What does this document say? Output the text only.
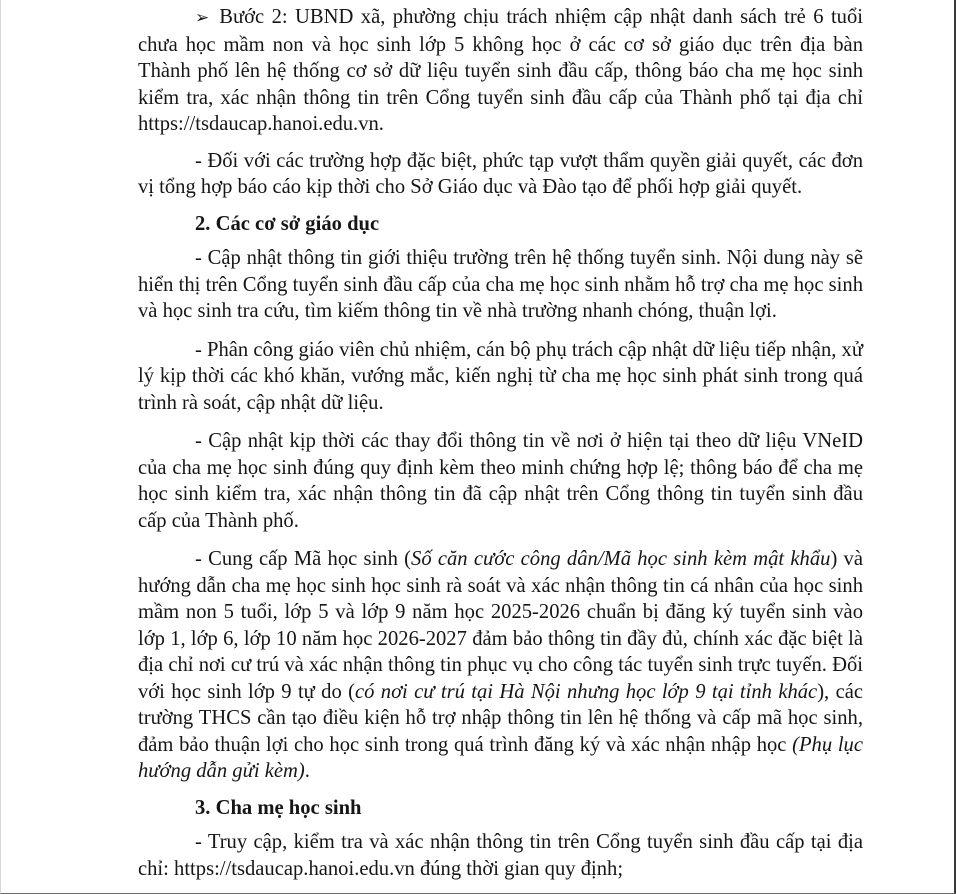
➢ Bước 2: UBND xã, phường chịu trách nhiệm cập nhật danh sách trẻ 6 tuổi chưa học mầm non và học sinh lớp 5 không học ở các cơ sở giáo dục trên địa bàn Thành phố lên hệ thống cơ sở dữ liệu tuyển sinh đầu cấp, thông báo cha mẹ học sinh kiểm tra, xác nhận thông tin trên Cổng tuyển sinh đầu cấp của Thành phố tại địa chỉ https://tsdaucap.hanoi.edu.vn.

- Đối với các trường hợp đặc biệt, phức tạp vượt thẩm quyền giải quyết, các đơn vị tổng hợp báo cáo kịp thời cho Sở Giáo dục và Đào tạo để phối hợp giải quyết.

2. Các cơ sở giáo dục

- Cập nhật thông tin giới thiệu trường trên hệ thống tuyển sinh. Nội dung này sẽ hiển thị trên Cổng tuyển sinh đầu cấp của cha mẹ học sinh nhằm hỗ trợ cha mẹ học sinh và học sinh tra cứu, tìm kiếm thông tin về nhà trường nhanh chóng, thuận lợi.

- Phân công giáo viên chủ nhiệm, cán bộ phụ trách cập nhật dữ liệu tiếp nhận, xử lý kịp thời các khó khăn, vướng mắc, kiến nghị từ cha mẹ học sinh phát sinh trong quá trình rà soát, cập nhật dữ liệu.

- Cập nhật kịp thời các thay đổi thông tin về nơi ở hiện tại theo dữ liệu VNeID của cha mẹ học sinh đúng quy định kèm theo minh chứng hợp lệ; thông báo để cha mẹ học sinh kiểm tra, xác nhận thông tin đã cập nhật trên Cổng thông tin tuyển sinh đầu cấp của Thành phố.

- Cung cấp Mã học sinh (Số căn cước công dân/Mã học sinh kèm mật khẩu) và hướng dẫn cha mẹ học sinh học sinh rà soát và xác nhận thông tin cá nhân của học sinh mầm non 5 tuổi, lớp 5 và lớp 9 năm học 2025-2026 chuẩn bị đăng ký tuyển sinh vào lớp 1, lớp 6, lớp 10 năm học 2026-2027 đảm bảo thông tin đầy đủ, chính xác đặc biệt là địa chỉ nơi cư trú và xác nhận thông tin phục vụ cho công tác tuyển sinh trực tuyến. Đối với học sinh lớp 9 tự do (có nơi cư trú tại Hà Nội nhưng học lớp 9 tại tỉnh khác), các trường THCS cần tạo điều kiện hỗ trợ nhập thông tin lên hệ thống và cấp mã học sinh, đảm bảo thuận lợi cho học sinh trong quá trình đăng ký và xác nhận nhập học (Phụ lục hướng dẫn gửi kèm).

3. Cha mẹ học sinh

- Truy cập, kiểm tra và xác nhận thông tin trên Cổng tuyển sinh đầu cấp tại địa chỉ: https://tsdaucap.hanoi.edu.vn đúng thời gian quy định;
